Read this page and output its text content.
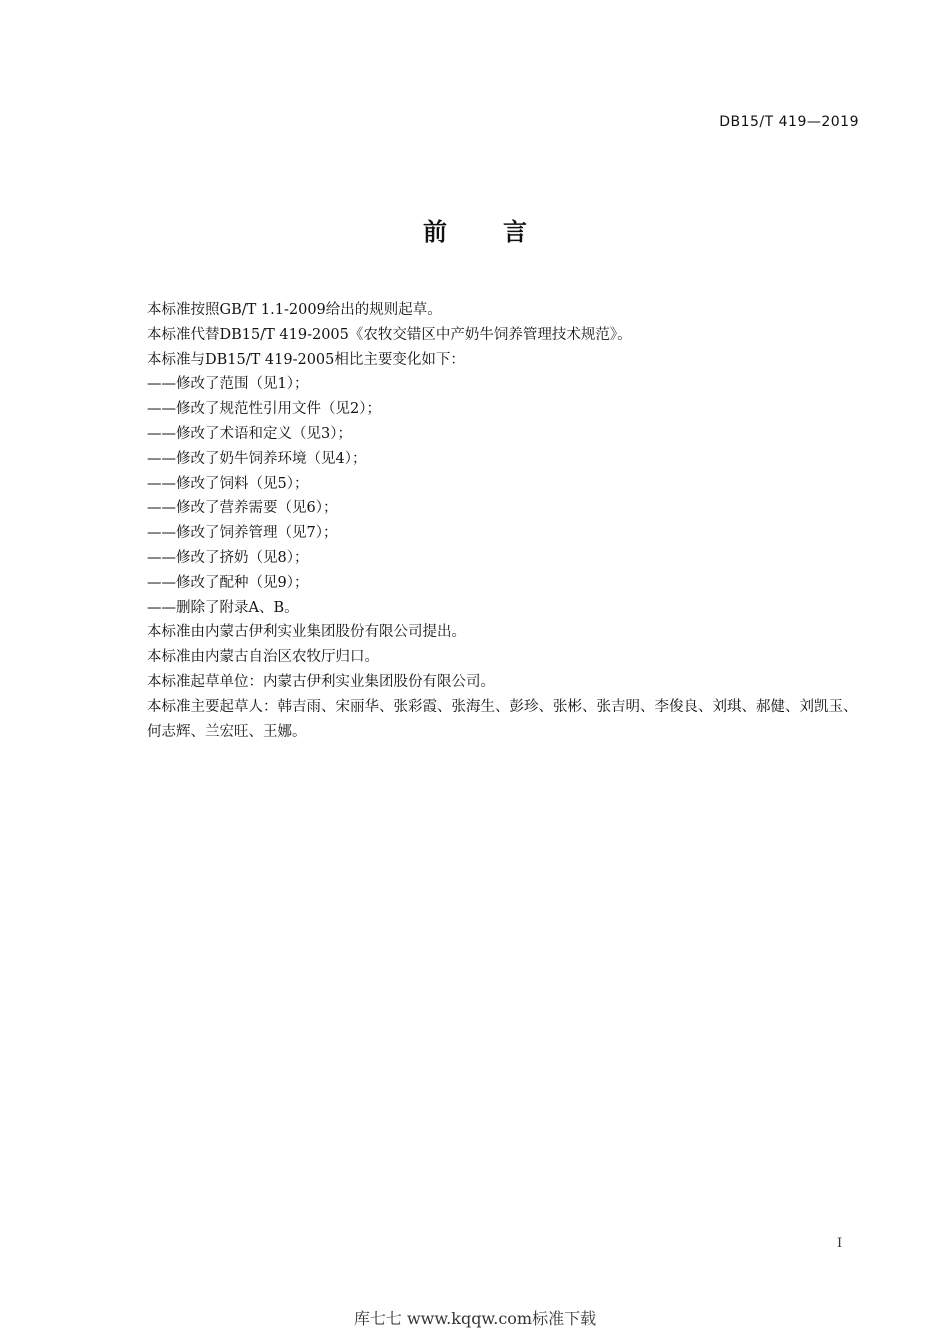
DB15/T 419—2019
前 言

本标准按照GB/T 1.1-2009给出的规则起草。

本标准代替DB15/T 419-2005《农牧交错区中产奶牛饲养管理技术规范》。

本标准与DB15/T 419-2005相比主要变化如下：

——修改了范围（见1）；

——修改了规范性引用文件（见2）；

——修改了术语和定义（见3）；

——修改了奶牛饲养环境（见4）；

——修改了饲料（见5）；

——修改了营养需要（见6）；

——修改了饲养管理（见7）；

——修改了挤奶（见8）；

——修改了配种（见9）；

——删除了附录A、B。

本标准由内蒙古伊利实业集团股份有限公司提出。

本标准由内蒙古自治区农牧厅归口。

本标准起草单位：内蒙古伊利实业集团股份有限公司。

本标准主要起草人：韩吉雨、宋丽华、张彩霞、张海生、彭珍、张彬、张吉明、李俊良、刘琪、郝健、刘凯玉、何志辉、兰宏旺、王娜。

I
库七七 www.kqqw.com标准下载
